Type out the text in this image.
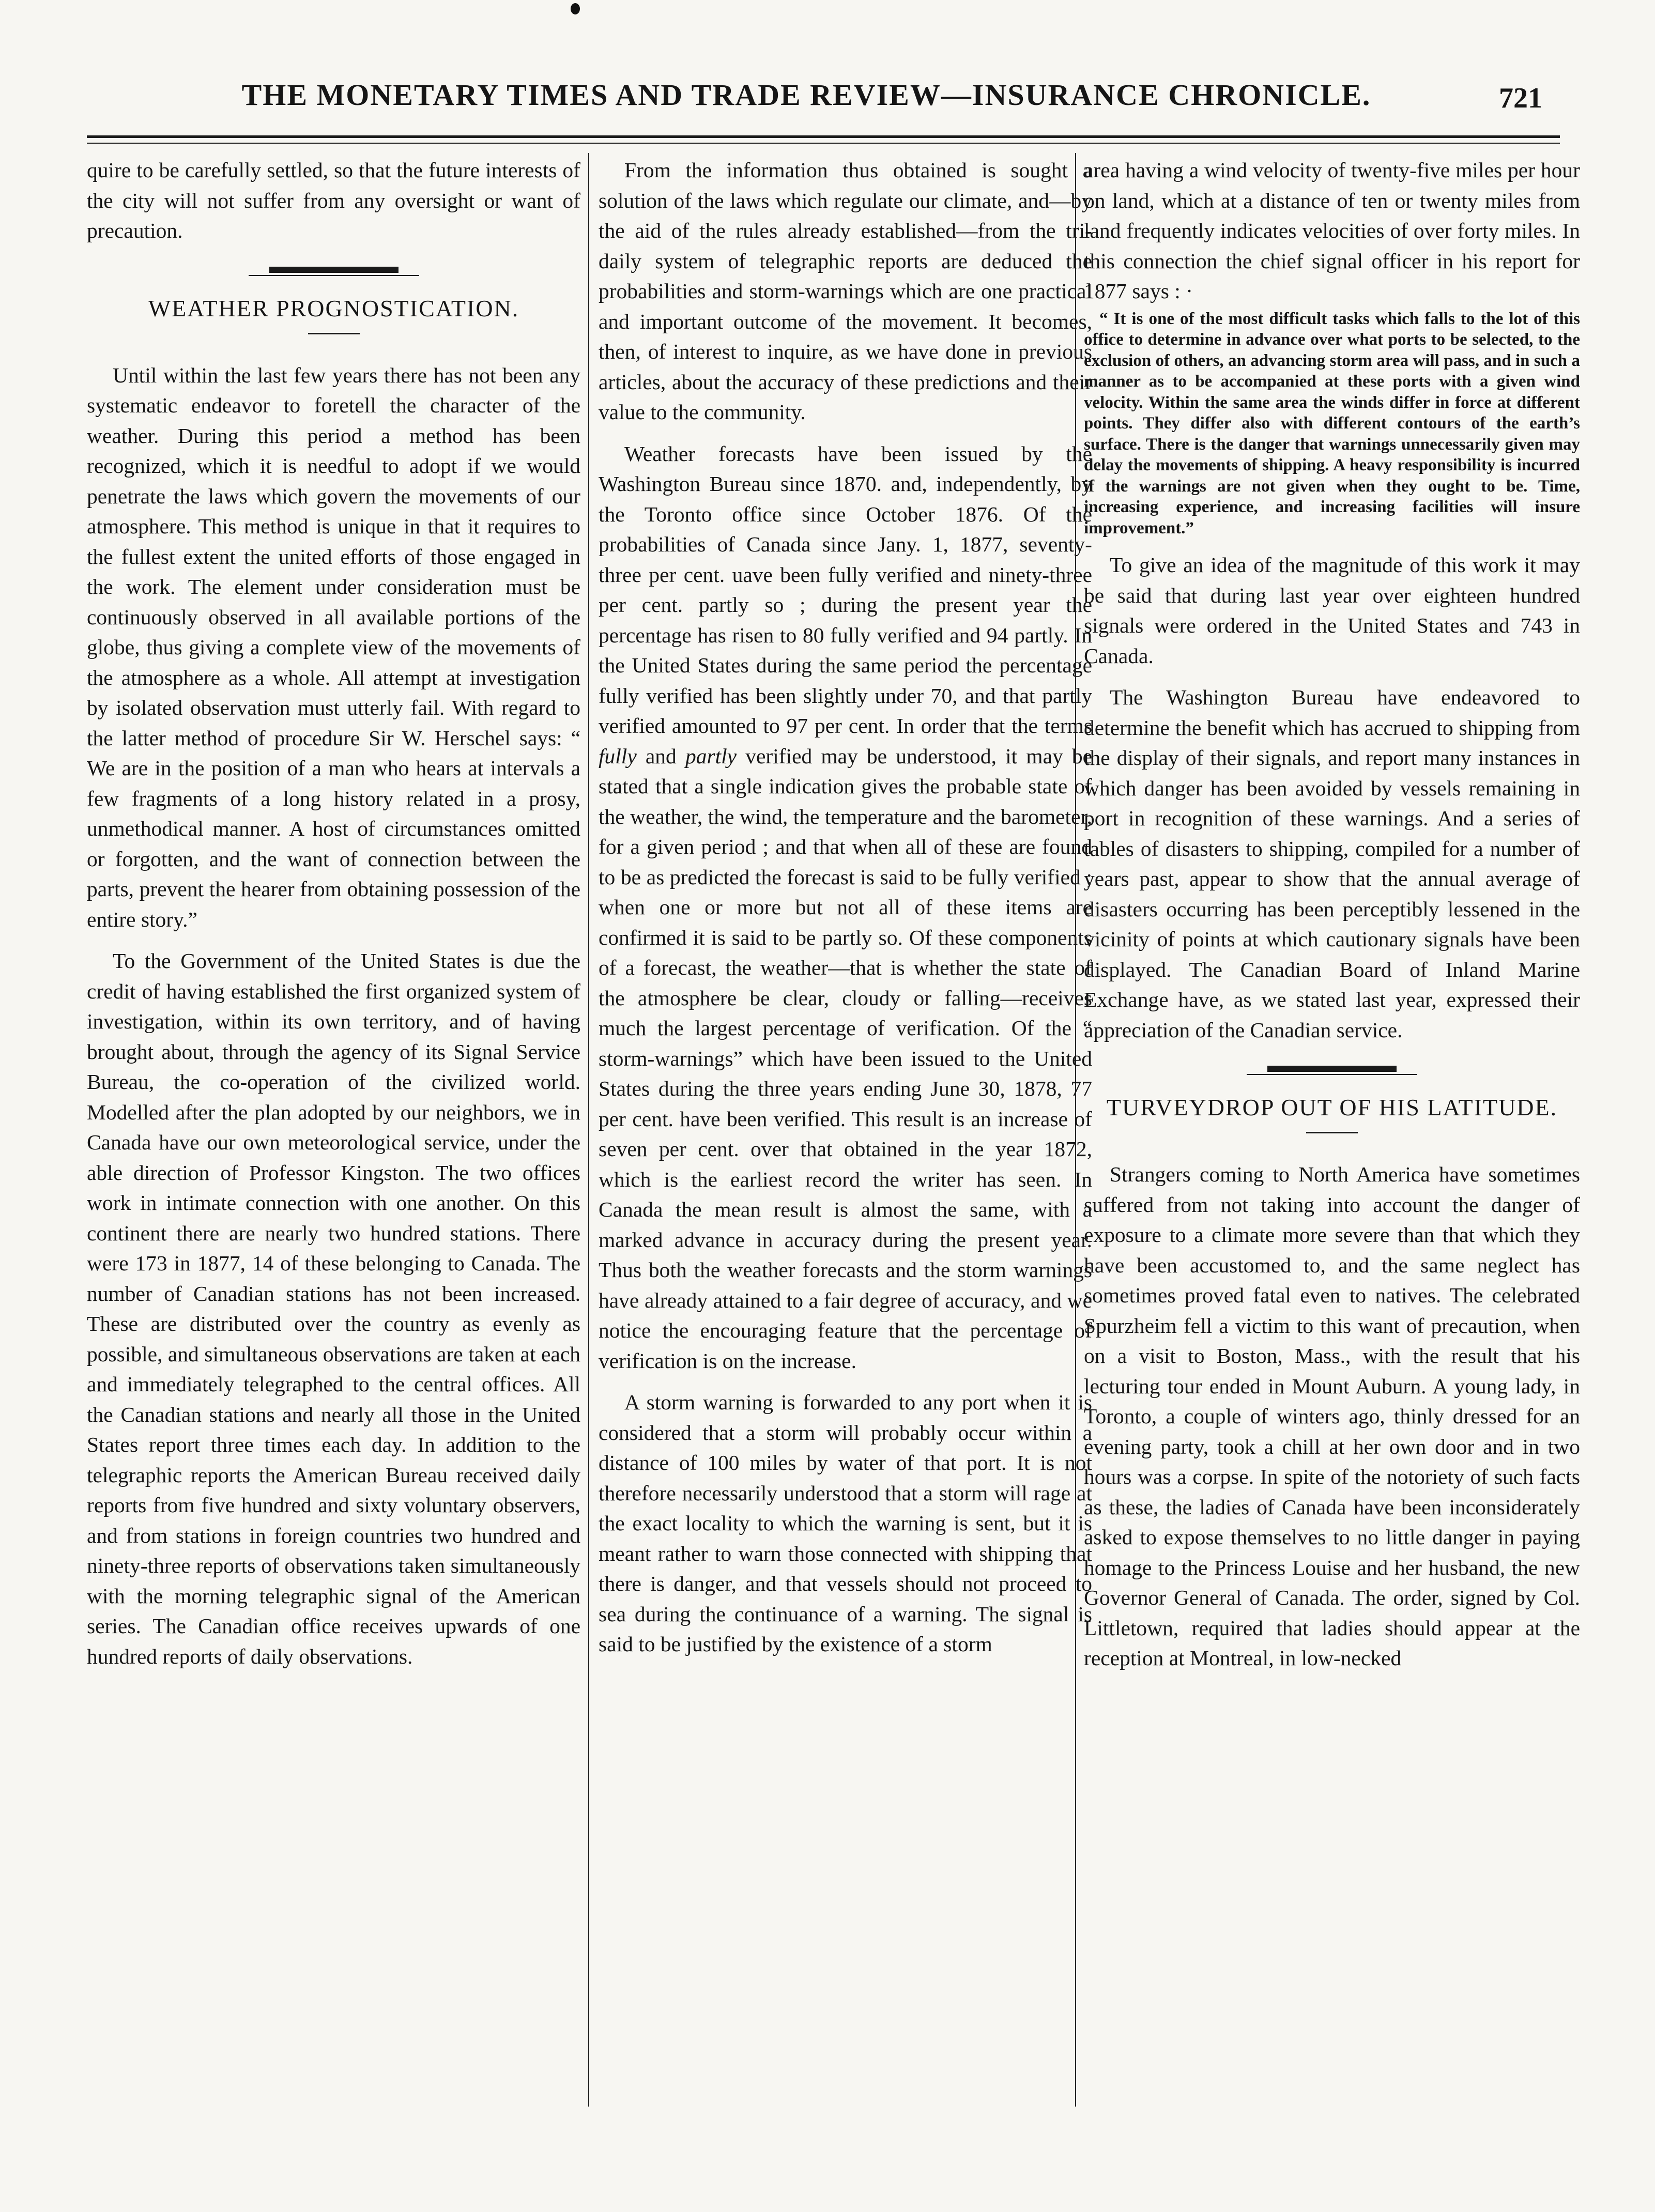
THE MONETARY TIMES AND TRADE REVIEW—INSURANCE CHRONICLE.	721

quire to be carefully settled, so that the future interests of the city will not suffer from any oversight or want of precaution.

WEATHER PROGNOSTICATION.

Until within the last few years there has not been any systematic endeavor to foretell the character of the weather. During this period a method has been recognized, which it is needful to adopt if we would penetrate the laws which govern the movements of our atmosphere. This method is unique in that it requires to the fullest extent the united efforts of those engaged in the work. The element under consideration must be continuously observed in all available portions of the globe, thus giving a complete view of the movements of the atmosphere as a whole. All attempt at investigation by isolated observation must utterly fail. With regard to the latter method of procedure Sir W. Herschel says: “ We are in the position of a man who hears at intervals a few fragments of a long history related in a prosy, unmethodical manner. A host of circumstances omitted or forgotten, and the want of connection between the parts, prevent the hearer from obtaining possession of the entire story.”

To the Government of the United States is due the credit of having established the first organized system of investigation, within its own territory, and of having brought about, through the agency of its Signal Service Bureau, the co-operation of the civilized world. Modelled after the plan adopted by our neighbors, we in Canada have our own meteorological service, under the able direction of Professor Kingston. The two offices work in intimate connection with one another. On this continent there are nearly two hundred stations. There were 173 in 1877, 14 of these belonging to Canada. The number of Canadian stations has not been increased. These are distributed over the country as evenly as possible, and simultaneous observations are taken at each and immediately telegraphed to the central offices. All the Canadian stations and nearly all those in the United States report three times each day. In addition to the telegraphic reports the American Bureau received daily reports from five hundred and sixty voluntary observers, and from stations in foreign countries two hundred and ninety-three reports of observations taken simultaneously with the morning telegraphic signal of the American series. The Canadian office receives upwards of one hundred reports of daily observations.

From the information thus obtained is sought a solution of the laws which regulate our climate, and—by the aid of the rules already established—from the tri-daily system of telegraphic reports are deduced the probabilities and storm-warnings which are one practical and important outcome of the movement. It becomes, then, of interest to inquire, as we have done in previous articles, about the accuracy of these predictions and their value to the community.

Weather forecasts have been issued by the Washington Bureau since 1870. and, independently, by the Toronto office since October 1876. Of the probabilities of Canada since Jany. 1, 1877, seventy-three per cent. uave been fully verified and ninety-three per cent. partly so ; during the present year the percentage has risen to 80 fully verified and 94 partly. In the United States during the same period the percentage fully verified has been slightly under 70, and that partly verified amounted to 97 per cent. In order that the terms fully and partly verified may be understood, it may be stated that a single indication gives the probable state of the weather, the wind, the temperature and the barometer, for a given period ; and that when all of these are found to be as predicted the forecast is said to be fully verified ; when one or more but not all of these items are confirmed it is said to be partly so. Of these components of a forecast, the weather—that is whether the state of the atmosphere be clear, cloudy or falling—receives much the largest percentage of verification. Of the “ storm-warnings” which have been issued to the United States during the three years ending June 30, 1878, 77 per cent. have been verified. This result is an increase of seven per cent. over that obtained in the year 1872, which is the earliest record the writer has seen. In Canada the mean result is almost the same, with a marked advance in accuracy during the present year. Thus both the weather forecasts and the storm warnings have already attained to a fair degree of accuracy, and we notice the encouraging feature that the percentage of verification is on the increase.

A storm warning is forwarded to any port when it is considered that a storm will probably occur within a distance of 100 miles by water of that port. It is not therefore necessarily understood that a storm will rage at the exact locality to which the warning is sent, but it is meant rather to warn those connected with shipping that there is danger, and that vessels should not proceed to sea during the continuance of a warning. The signal is said to be justified by the existence of a storm

area having a wind velocity of twenty-five miles per hour on land, which at a distance of ten or twenty miles from land frequently indicates velocities of over forty miles. In this connection the chief signal officer in his report for 1877 says : ·

“ It is one of the most difficult tasks which falls to the lot of this office to determine in advance over what ports to be selected, to the exclusion of others, an advancing storm area will pass, and in such a manner as to be accompanied at these ports with a given wind velocity. Within the same area the winds differ in force at different points. They differ also with different contours of the earth’s surface. There is the danger that warnings unnecessarily given may delay the movements of shipping. A heavy responsibility is incurred if the warnings are not given when they ought to be. Time, increasing experience, and increasing facilities will insure improvement.”

To give an idea of the magnitude of this work it may be said that during last year over eighteen hundred signals were ordered in the United States and 743 in Canada.

The Washington Bureau have endeavored to determine the benefit which has accrued to shipping from the display of their signals, and report many instances in which danger has been avoided by vessels remaining in port in recognition of these warnings. And a series of tables of disasters to shipping, compiled for a number of years past, appear to show that the annual average of disasters occurring has been perceptibly lessened in the vicinity of points at which cautionary signals have been displayed. The Canadian Board of Inland Marine Exchange have, as we stated last year, expressed their appreciation of the Canadian service.

TURVEYDROP OUT OF HIS LATITUDE.

Strangers coming to North America have sometimes suffered from not taking into account the danger of exposure to a climate more severe than that which they have been accustomed to, and the same neglect has sometimes proved fatal even to natives. The celebrated Spurzheim fell a victim to this want of precaution, when on a visit to Boston, Mass., with the result that his lecturing tour ended in Mount Auburn. A young lady, in Toronto, a couple of winters ago, thinly dressed for an evening party, took a chill at her own door and in two hours was a corpse. In spite of the notoriety of such facts as these, the ladies of Canada have been inconsiderately asked to expose themselves to no little danger in paying homage to the Princess Louise and her husband, the new Governor General of Canada. The order, signed by Col. Littletown, required that ladies should appear at the reception at Montreal, in low-necked
